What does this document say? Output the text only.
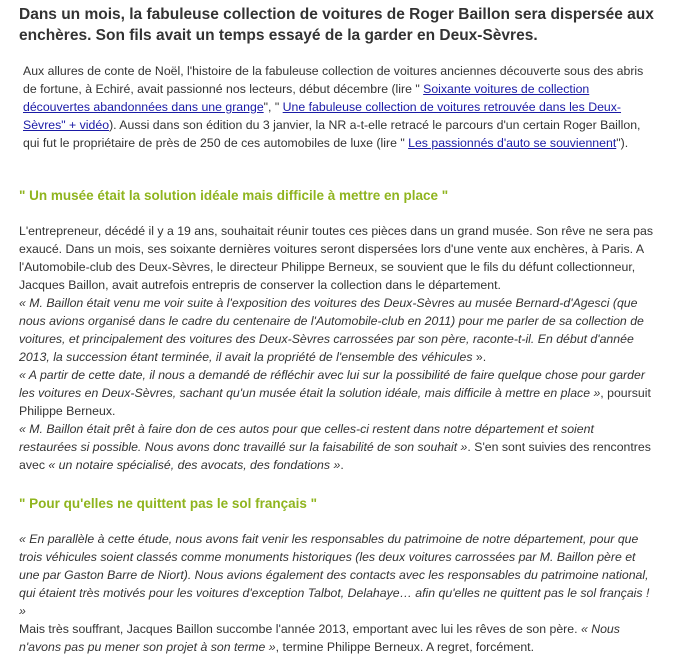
Dans un mois, la fabuleuse collection de voitures de Roger Baillon sera dispersée aux
enchères. Son fils avait un temps essayé de la garder en Deux-Sèvres.

Aux allures de conte de Noël, l'histoire de la fabuleuse collection de voitures anciennes découverte sous des abris de fortune, à Echiré, avait passionné nos lecteurs, début décembre (lire " Soixante voitures de collection découvertes abandonnées dans une grange", " Une fabuleuse collection de voitures retrouvée dans les Deux-Sèvres" + vidéo). Aussi dans son édition du 3 janvier, la NR a-t-elle retracé le parcours d'un certain Roger Baillon, qui fut le propriétaire de près de 250 de ces automobiles de luxe (lire " Les passionnés d'auto se souviennent").

" Un musée était la solution idéale mais difficile à mettre en place "

L'entrepreneur, décédé il y a 19 ans, souhaitait réunir toutes ces pièces dans un grand musée. Son rêve ne sera pas exaucé. Dans un mois, ses soixante dernières voitures seront dispersées lors d'une vente aux enchères, à Paris. A l'Automobile-club des Deux-Sèvres, le directeur Philippe Berneux, se souvient que le fils du défunt collectionneur, Jacques Baillon, avait autrefois entrepris de conserver la collection dans le département.
« M. Baillon était venu me voir suite à l'exposition des voitures des Deux-Sèvres au musée Bernard-d'Agesci (que nous avions organisé dans le cadre du centenaire de l'Automobile-club en 2011) pour me parler de sa collection de voitures, et principalement des voitures des Deux-Sèvres carrossées par son père, raconte-t-il. En début d'année 2013, la succession étant terminée, il avait la propriété de l'ensemble des véhicules ».
« A partir de cette date, il nous a demandé de réfléchir avec lui sur la possibilité de faire quelque chose pour garder les voitures en Deux-Sèvres, sachant qu'un musée était la solution idéale, mais difficile à mettre en place », poursuit Philippe Berneux.
« M. Baillon était prêt à faire don de ces autos pour que celles-ci restent dans notre département et soient restaurées si possible. Nous avons donc travaillé sur la faisabilité de son souhait ». S'en sont suivies des rencontres avec « un notaire spécialisé, des avocats, des fondations ».

" Pour qu'elles ne quittent pas le sol français "

« En parallèle à cette étude, nous avons fait venir les responsables du patrimoine de notre département, pour que trois véhicules soient classés comme monuments historiques (les deux voitures carrossées par M. Baillon père et une par Gaston Barre de Niort). Nous avions également des contacts avec les responsables du patrimoine national, qui étaient très motivés pour les voitures d'exception Talbot, Delahaye… afin qu'elles ne quittent pas le sol français ! »
Mais très souffrant, Jacques Baillon succombe l'année 2013, emportant avec lui les rêves de son père. « Nous n'avons pas pu mener son projet à son terme », termine Philippe Berneux. A regret, forcément.
